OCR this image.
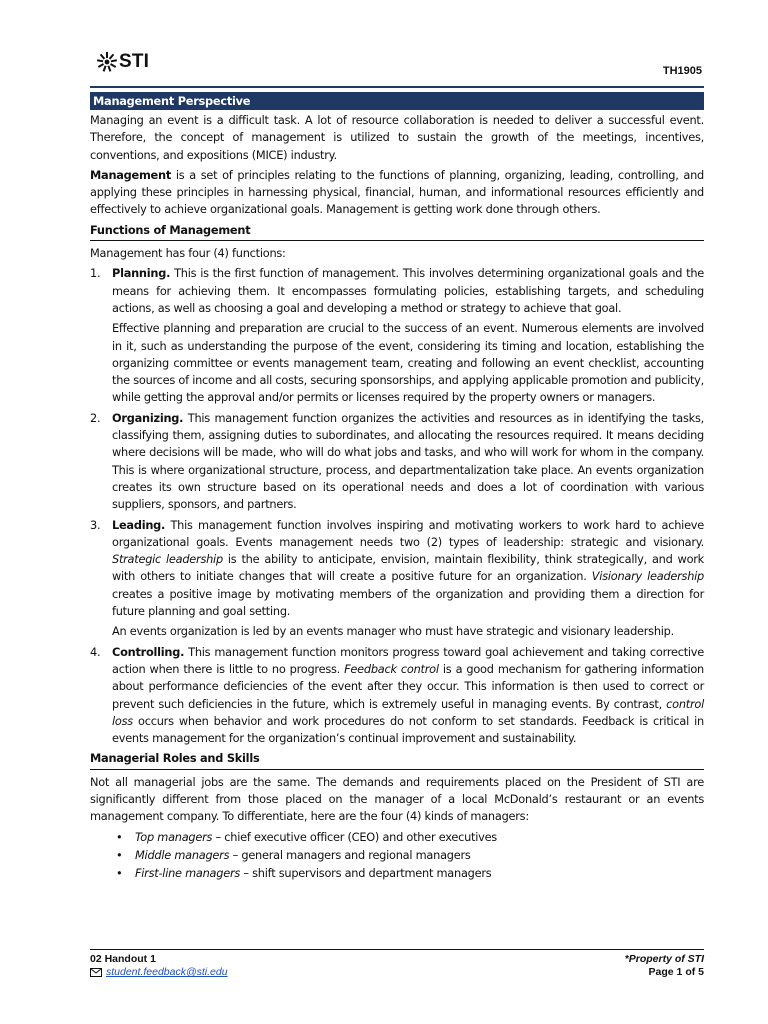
STI	TH1905
Management Perspective

Managing an event is a difficult task. A lot of resource collaboration is needed to deliver a successful event. Therefore, the concept of management is utilized to sustain the growth of the meetings, incentives, conventions, and expositions (MICE) industry.

Management is a set of principles relating to the functions of planning, organizing, leading, controlling, and applying these principles in harnessing physical, financial, human, and informational resources efficiently and effectively to achieve organizational goals. Management is getting work done through others.

Functions of Management

Management has four (4) functions:

1. Planning. This is the first function of management. This involves determining organizational goals and the means for achieving them. It encompasses formulating policies, establishing targets, and scheduling actions, as well as choosing a goal and developing a method or strategy to achieve that goal.

Effective planning and preparation are crucial to the success of an event. Numerous elements are involved in it, such as understanding the purpose of the event, considering its timing and location, establishing the organizing committee or events management team, creating and following an event checklist, accounting the sources of income and all costs, securing sponsorships, and applying applicable promotion and publicity, while getting the approval and/or permits or licenses required by the property owners or managers.

2. Organizing. This management function organizes the activities and resources as in identifying the tasks, classifying them, assigning duties to subordinates, and allocating the resources required. It means deciding where decisions will be made, who will do what jobs and tasks, and who will work for whom in the company. This is where organizational structure, process, and departmentalization take place. An events organization creates its own structure based on its operational needs and does a lot of coordination with various suppliers, sponsors, and partners.

3. Leading. This management function involves inspiring and motivating workers to work hard to achieve organizational goals. Events management needs two (2) types of leadership: strategic and visionary. Strategic leadership is the ability to anticipate, envision, maintain flexibility, think strategically, and work with others to initiate changes that will create a positive future for an organization. Visionary leadership creates a positive image by motivating members of the organization and providing them a direction for future planning and goal setting.

An events organization is led by an events manager who must have strategic and visionary leadership.

4. Controlling. This management function monitors progress toward goal achievement and taking corrective action when there is little to no progress. Feedback control is a good mechanism for gathering information about performance deficiencies of the event after they occur. This information is then used to correct or prevent such deficiencies in the future, which is extremely useful in managing events. By contrast, control loss occurs when behavior and work procedures do not conform to set standards. Feedback is critical in events management for the organization’s continual improvement and sustainability.

Managerial Roles and Skills

Not all managerial jobs are the same. The demands and requirements placed on the President of STI are significantly different from those placed on the manager of a local McDonald’s restaurant or an events management company. To differentiate, here are the four (4) kinds of managers:

• Top managers – chief executive officer (CEO) and other executives
• Middle managers – general managers and regional managers
• First-line managers – shift supervisors and department managers
02 Handout 1
student.feedback@sti.edu
*Property of STI
Page 1 of 5
